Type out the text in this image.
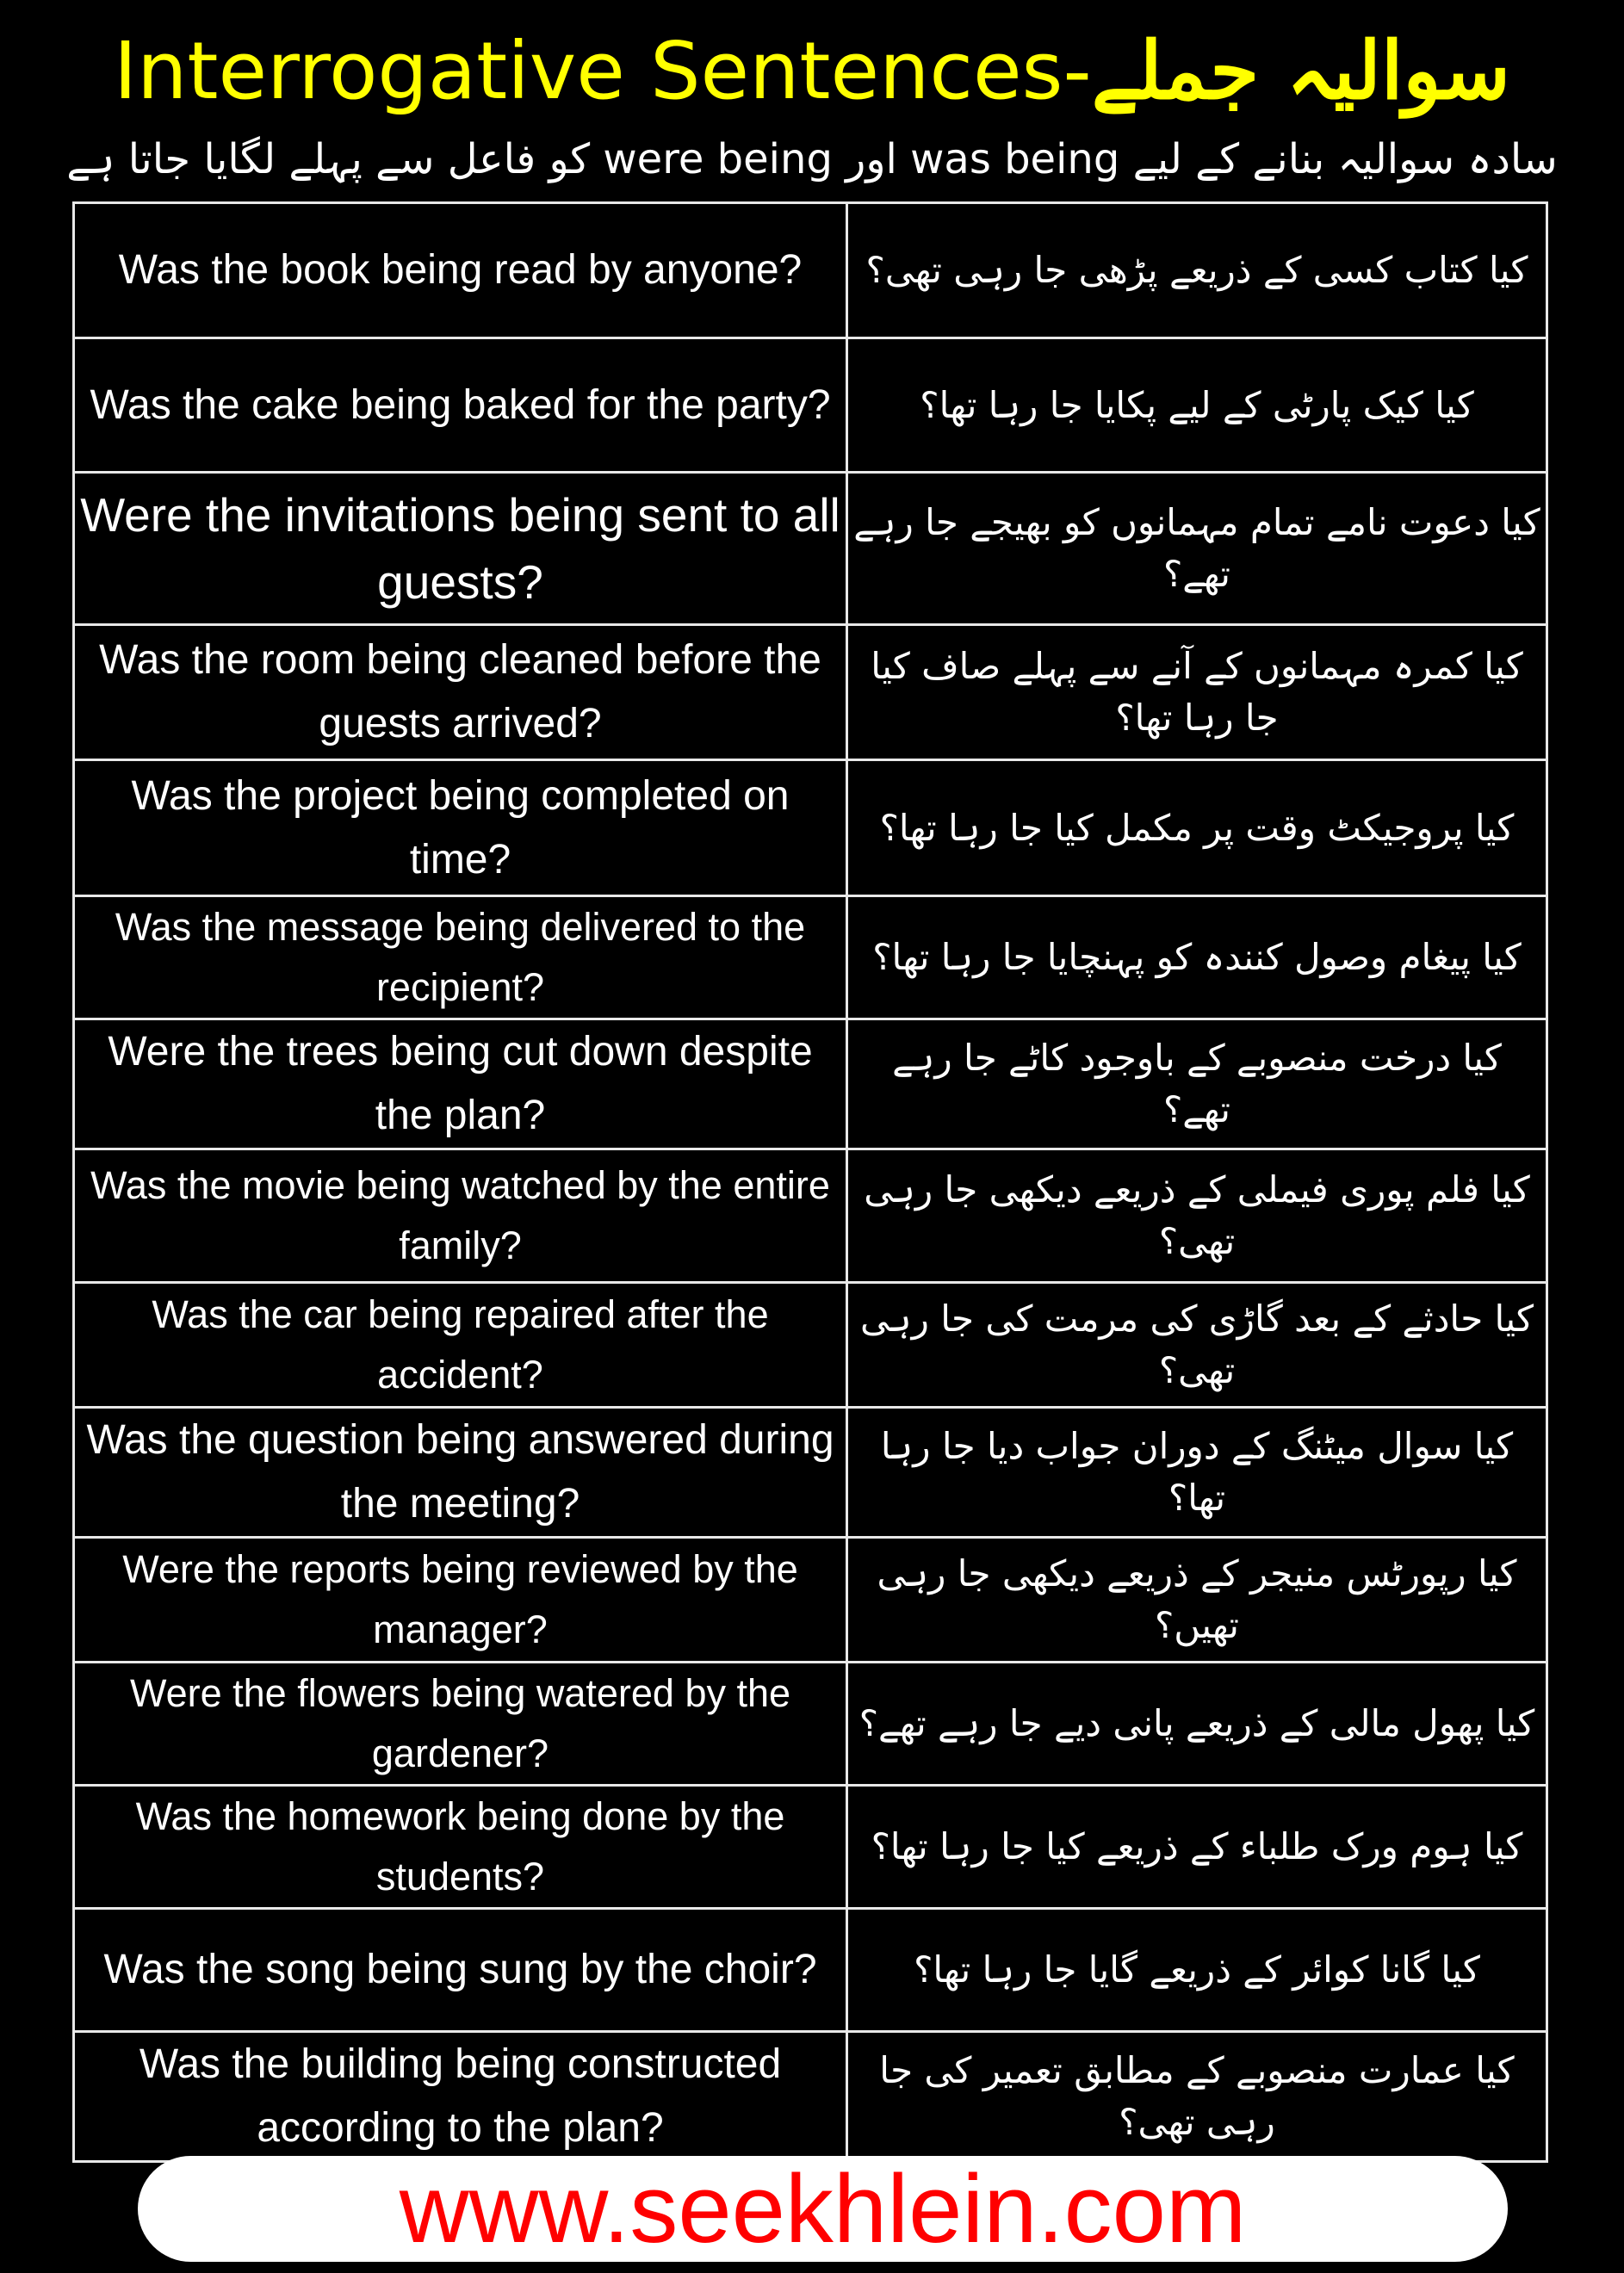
Interrogative Sentences-سوالیہ جملے
سادہ سوالیہ بنانے کے لیے was being اور were being کو فاعل سے پہلے لگایا جاتا ہے
Was the book being read by anyone?	کیا کتاب کسی کے ذریعے پڑھی جا رہی تھی؟
Was the cake being baked for the party?	کیا کیک پارٹی کے لیے پکایا جا رہا تھا؟
Were the invitations being sent to all guests?	کیا دعوت نامے تمام مہمانوں کو بھیجے جا رہے تھے؟
Was the room being cleaned before the guests arrived?	کیا کمرہ مہمانوں کے آنے سے پہلے صاف کیا جا رہا تھا؟
Was the project being completed on time?	کیا پروجیکٹ وقت پر مکمل کیا جا رہا تھا؟
Was the message being delivered to the recipient?	کیا پیغام وصول کنندہ کو پہنچایا جا رہا تھا؟
Were the trees being cut down despite the plan?	کیا درخت منصوبے کے باوجود کاٹے جا رہے تھے؟
Was the movie being watched by the entire family?	کیا فلم پوری فیملی کے ذریعے دیکھی جا رہی تھی؟
Was the car being repaired after the accident?	کیا حادثے کے بعد گاڑی کی مرمت کی جا رہی تھی؟
Was the question being answered during the meeting?	کیا سوال میٹنگ کے دوران جواب دیا جا رہا تھا؟
Were the reports being reviewed by the manager?	کیا رپورٹس منیجر کے ذریعے دیکھی جا رہی تھیں؟
Were the flowers being watered by the gardener?	کیا پھول مالی کے ذریعے پانی دیے جا رہے تھے؟
Was the homework being done by the students?	کیا ہوم ورک طلباء کے ذریعے کیا جا رہا تھا؟
Was the song being sung by the choir?	کیا گانا کوائر کے ذریعے گایا جا رہا تھا؟
Was the building being constructed according to the plan?	کیا عمارت منصوبے کے مطابق تعمیر کی جا رہی تھی؟
www.seekhlein.com
